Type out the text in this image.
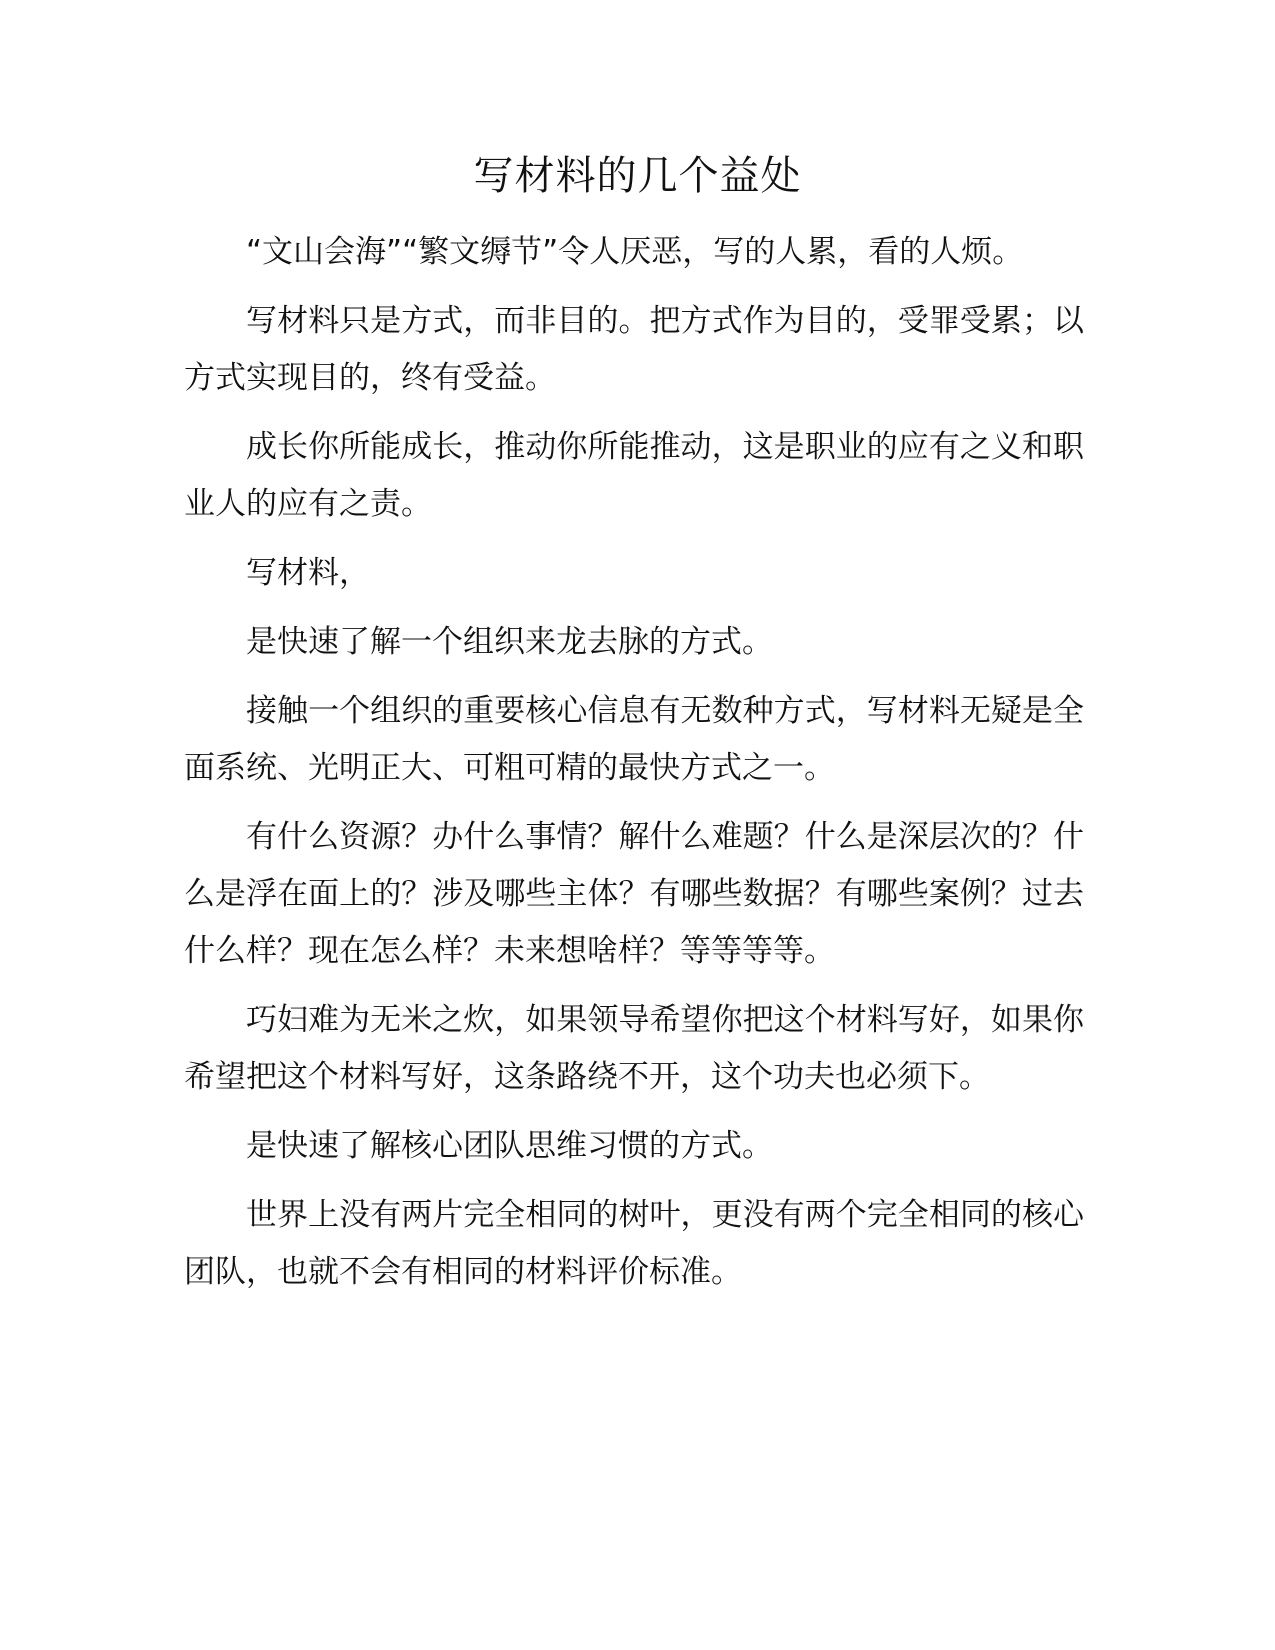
写材料的几个益处

“文山会海”“繁文缛节”令人厌恶，写的人累，看的人烦。

写材料只是方式，而非目的。把方式作为目的，受罪受累；以方式实现目的，终有受益。

成长你所能成长，推动你所能推动，这是职业的应有之义和职业人的应有之责。

写材料，

是快速了解一个组织来龙去脉的方式。

接触一个组织的重要核心信息有无数种方式，写材料无疑是全面系统、光明正大、可粗可精的最快方式之一。

有什么资源？办什么事情？解什么难题？什么是深层次的？什么是浮在面上的？涉及哪些主体？有哪些数据？有哪些案例？过去什么样？现在怎么样？未来想啥样？等等等等。

巧妇难为无米之炊，如果领导希望你把这个材料写好，如果你希望把这个材料写好，这条路绕不开，这个功夫也必须下。

是快速了解核心团队思维习惯的方式。

世界上没有两片完全相同的树叶，更没有两个完全相同的核心团队，也就不会有相同的材料评价标准。
